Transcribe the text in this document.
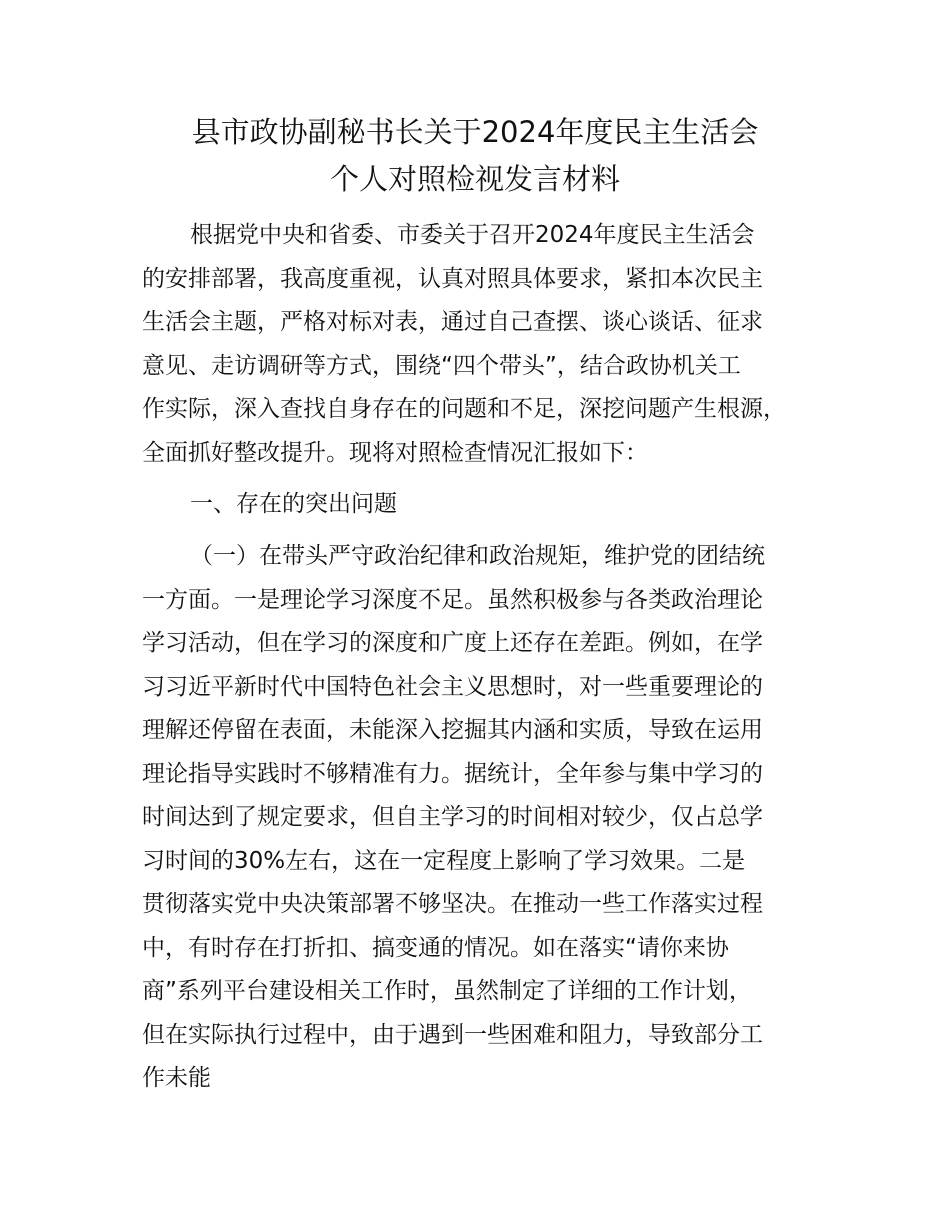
县市政协副秘书长关于2024年度民主生活会
个人对照检视发言材料
根据党中央和省委、市委关于召开2024年度民主生活会
的安排部署，我高度重视，认真对照具体要求，紧扣本次民主
生活会主题，严格对标对表，通过自己查摆、谈心谈话、征求
意见、走访调研等方式，围绕“四个带头”，结合政协机关工
作实际，深入查找自身存在的问题和不足，深挖问题产生根源，
全面抓好整改提升。现将对照检查情况汇报如下：
一、存在的突出问题
（一）在带头严守政治纪律和政治规矩，维护党的团结统
一方面。一是理论学习深度不足。虽然积极参与各类政治理论
学习活动，但在学习的深度和广度上还存在差距。例如，在学
习习近平新时代中国特色社会主义思想时，对一些重要理论的
理解还停留在表面，未能深入挖掘其内涵和实质，导致在运用
理论指导实践时不够精准有力。据统计，全年参与集中学习的
时间达到了规定要求，但自主学习的时间相对较少，仅占总学
习时间的30%左右，这在一定程度上影响了学习效果。二是
贯彻落实党中央决策部署不够坚决。在推动一些工作落实过程
中，有时存在打折扣、搞变通的情况。如在落实“请你来协
商”系列平台建设相关工作时，虽然制定了详细的工作计划，
但在实际执行过程中，由于遇到一些困难和阻力，导致部分工
作未能
